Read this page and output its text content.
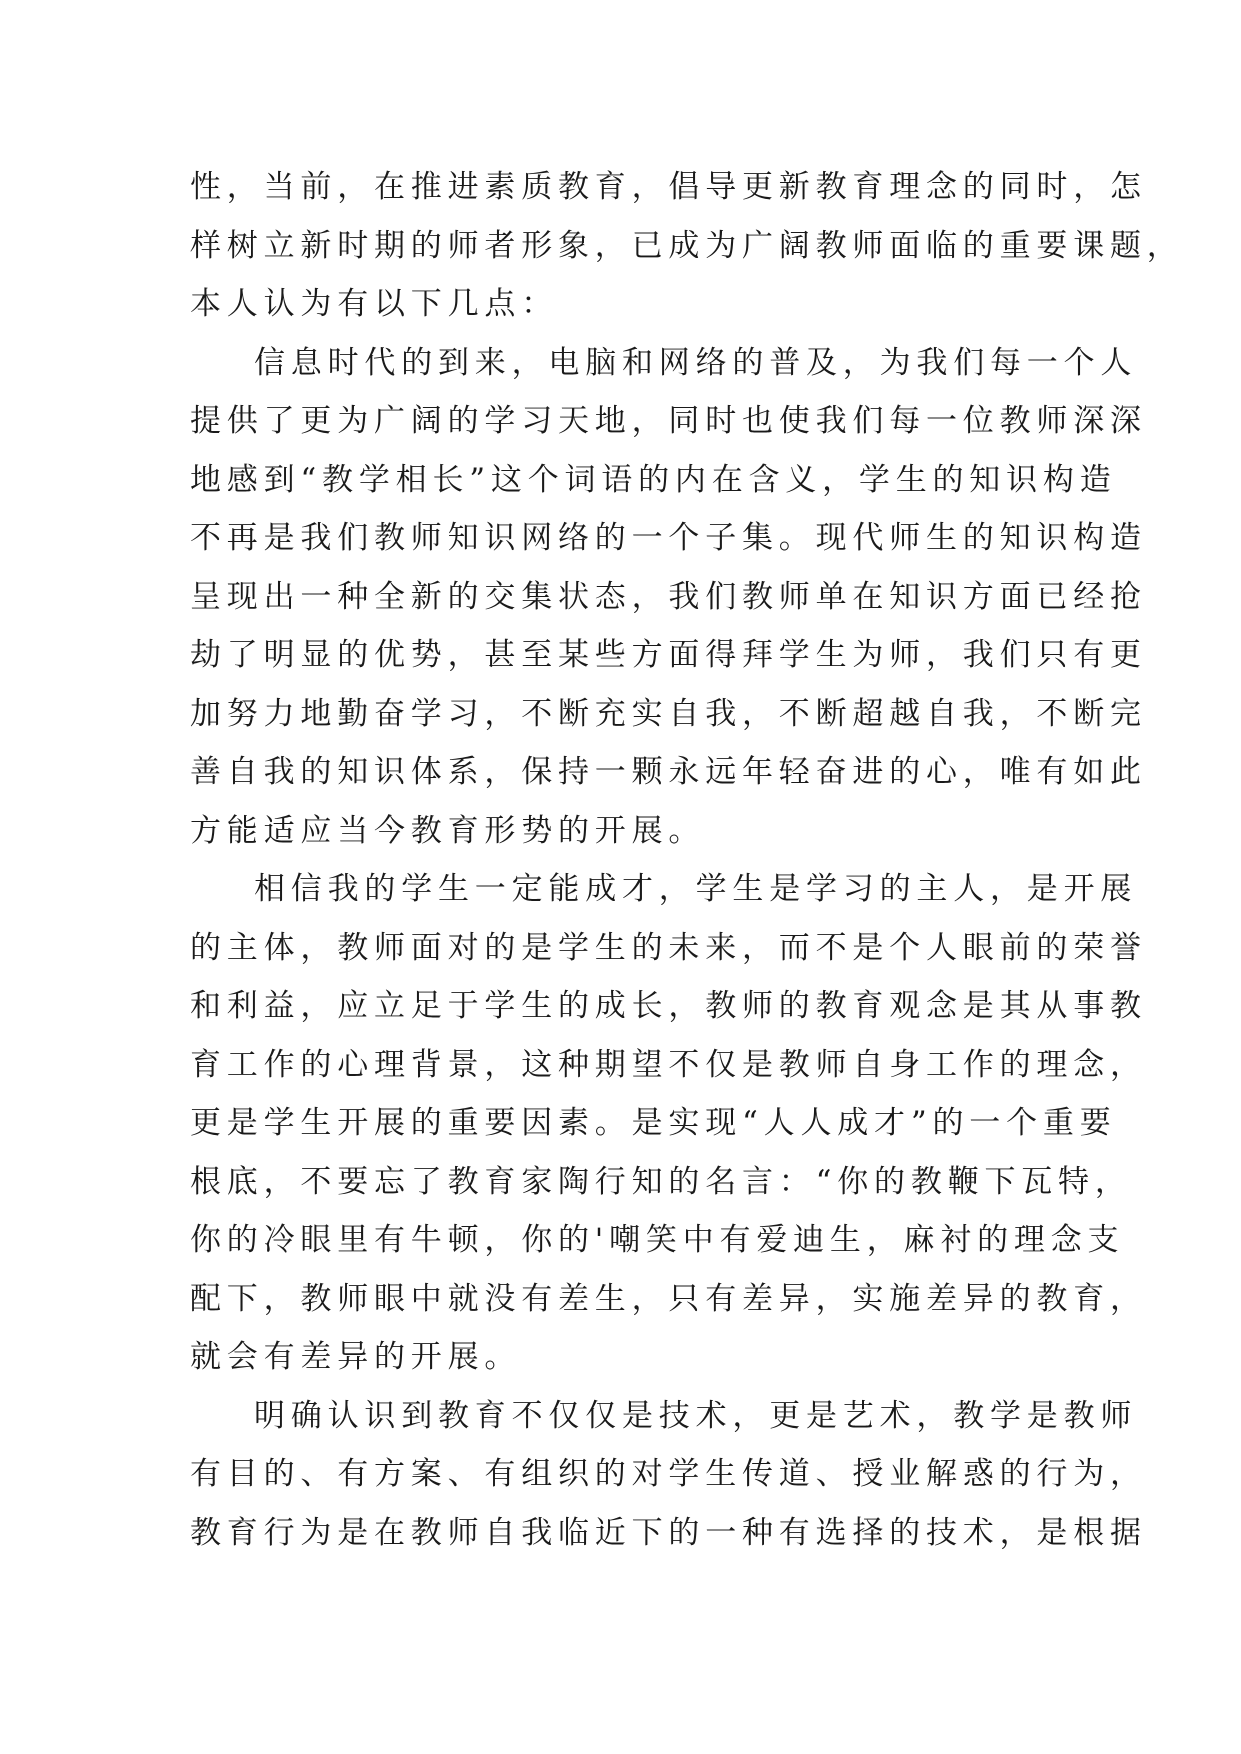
性，当前，在推进素质教育，倡导更新教育理念的同时，怎
样树立新时期的师者形象，已成为广阔教师面临的重要课题，
本人认为有以下几点：
信息时代的到来，电脑和网络的普及，为我们每一个人
提供了更为广阔的学习天地，同时也使我们每一位教师深深
地感到“教学相长”这个词语的内在含义，学生的知识构造
不再是我们教师知识网络的一个子集。现代师生的知识构造
呈现出一种全新的交集状态，我们教师单在知识方面已经抢
劫了明显的优势，甚至某些方面得拜学生为师，我们只有更
加努力地勤奋学习，不断充实自我，不断超越自我，不断完
善自我的知识体系，保持一颗永远年轻奋进的心，唯有如此
方能适应当今教育形势的开展。
相信我的学生一定能成才，学生是学习的主人，是开展
的主体，教师面对的是学生的未来，而不是个人眼前的荣誉
和利益，应立足于学生的成长，教师的教育观念是其从事教
育工作的心理背景，这种期望不仅是教师自身工作的理念，
更是学生开展的重要因素。是实现“人人成才”的一个重要
根底，不要忘了教育家陶行知的名言：“你的教鞭下瓦特，
你的冷眼里有牛顿，你的'嘲笑中有爱迪生，麻衬的理念支
配下，教师眼中就没有差生，只有差异，实施差异的教育，
就会有差异的开展。
明确认识到教育不仅仅是技术，更是艺术，教学是教师
有目的、有方案、有组织的对学生传道、授业解惑的行为，
教育行为是在教师自我临近下的一种有选择的技术，是根据
